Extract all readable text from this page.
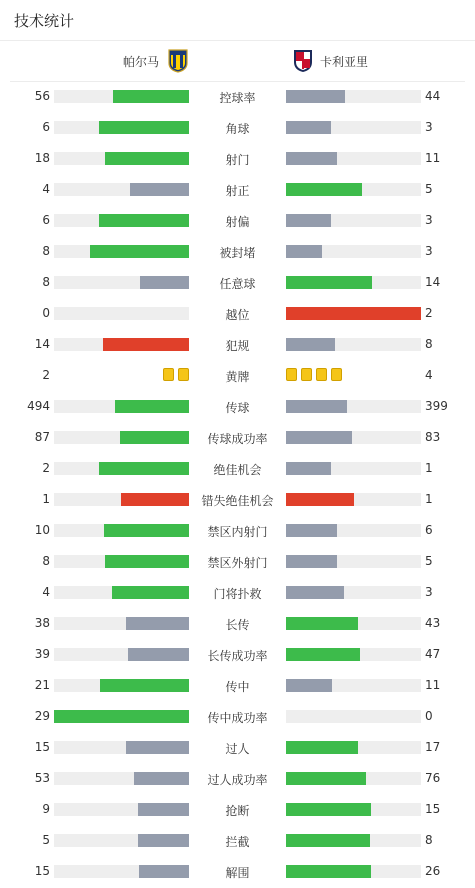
技术统计
帕尔马	卡利亚里
56	控球率	44
6	角球	3
18	射门	11
4	射正	5
6	射偏	3
8	被封堵	3
8	任意球	14
0	越位	2
14	犯规	8
2	黄牌	4
494	传球	399
87	传球成功率	83
2	绝佳机会	1
1	错失绝佳机会	1
10	禁区内射门	6
8	禁区外射门	5
4	门将扑救	3
38	长传	43
39	长传成功率	47
21	传中	11
29	传中成功率	0
15	过人	17
53	过人成功率	76
9	抢断	15
5	拦截	8
15	解围	26
